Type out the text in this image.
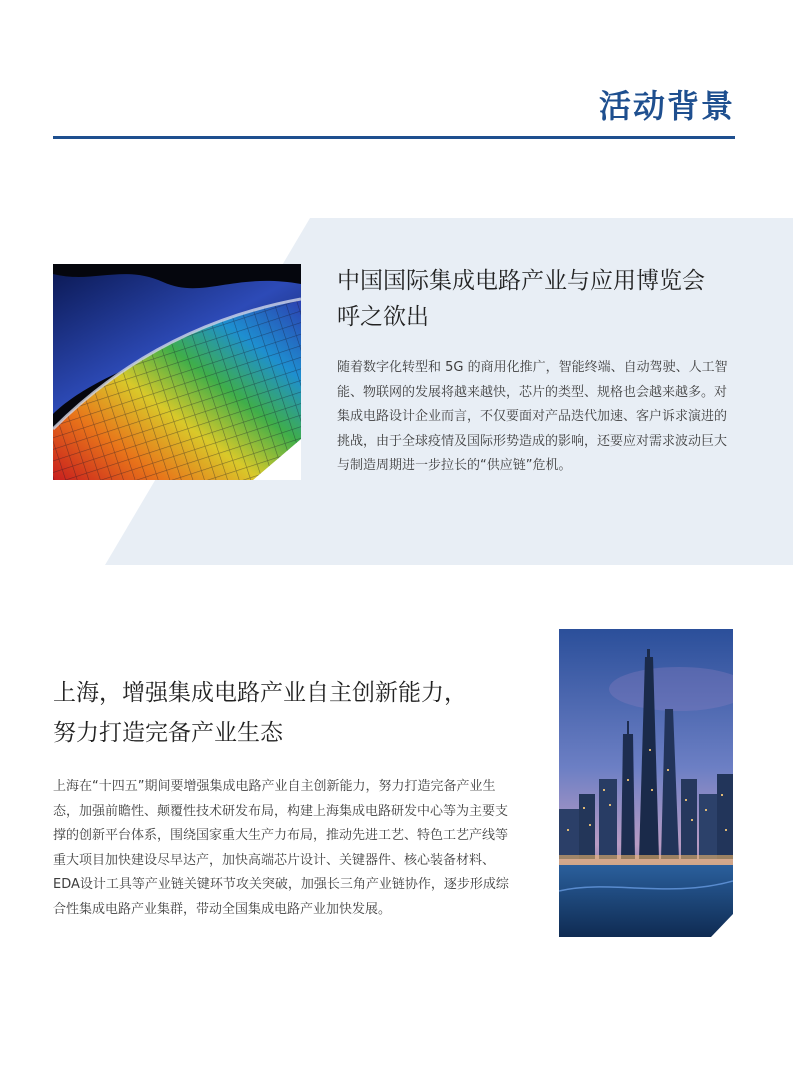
活动背景
中国国际集成电路产业与应用博览会
呼之欲出

随着数字化转型和 5G 的商用化推广，智能终端、自动驾驶、人工智能、物联网的发展将越来越快，芯片的类型、规格也会越来越多。对集成电路设计企业而言，不仅要面对产品迭代加速、客户诉求演进的挑战，由于全球疫情及国际形势造成的影响，还要应对需求波动巨大与制造周期进一步拉长的“供应链”危机。

上海，增强集成电路产业自主创新能力，
努力打造完备产业生态

上海在“十四五”期间要增强集成电路产业自主创新能力，努力打造完备产业生态，加强前瞻性、颠覆性技术研发布局，构建上海集成电路研发中心等为主要支撑的创新平台体系，围绕国家重大生产力布局，推动先进工艺、特色工艺产线等重大项目加快建设尽早达产，加快高端芯片设计、关键器件、核心装备材料、EDA设计工具等产业链关键环节攻关突破，加强长三角产业链协作，逐步形成综合性集成电路产业集群，带动全国集成电路产业加快发展。
